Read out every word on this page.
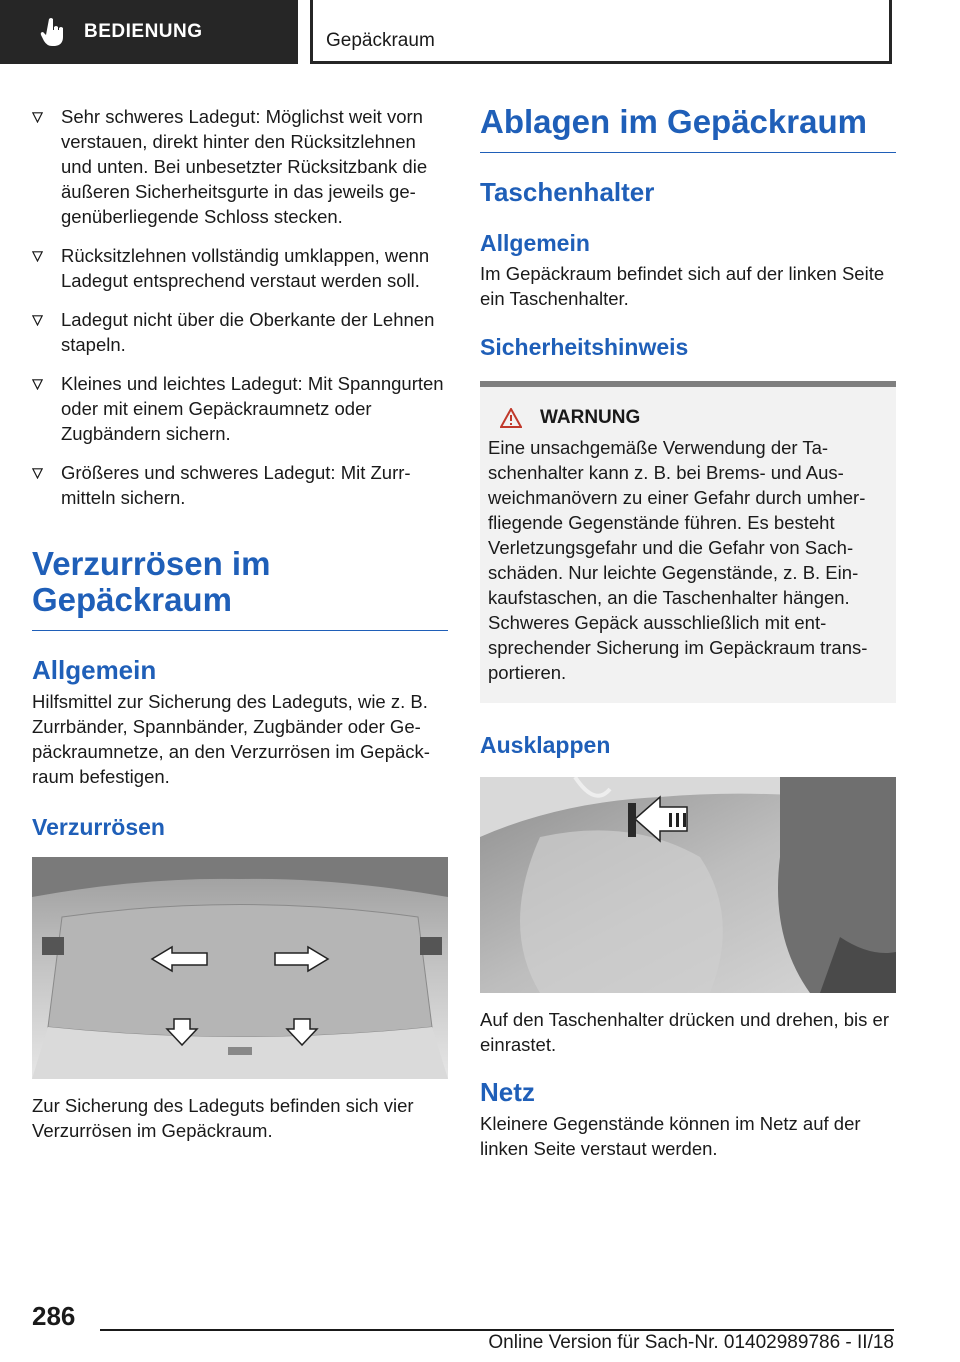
BEDIENUNG	Gepäckraum
Sehr schweres Ladegut: Möglichst weit vorn verstauen, direkt hinter den Rücksitzlehnen und unten. Bei unbesetzter Rücksitzbank die äußeren Sicherheitsgurte in das jeweils gegenüberliegende Schloss stecken.
Rücksitzlehnen vollständig umklappen, wenn Ladegut entsprechend verstaut werden soll.
Ladegut nicht über die Oberkante der Lehnen stapeln.
Kleines und leichtes Ladegut: Mit Spanngurten oder mit einem Gepäckraumnetz oder Zugbändern sichern.
Größeres und schweres Ladegut: Mit Zurrmitteln sichern.
Verzurrösen im Gepäckraum
Allgemein

Hilfsmittel zur Sicherung des Ladeguts, wie z. B. Zurrbänder, Spannbänder, Zugbänder oder Gepäckraumnetze, an den Verzurrösen im Gepäckraum befestigen.

Verzurrösen

Zur Sicherung des Ladeguts befinden sich vier Verzurrösen im Gepäckraum.

Ablagen im Gepäckraum
Taschenhalter
Allgemein

Im Gepäckraum befindet sich auf der linken Seite ein Taschenhalter.

Sicherheitshinweis
WARNUNG

Eine unsachgemäße Verwendung der Taschenhalter kann z. B. bei Brems- und Ausweichmanövern zu einer Gefahr durch umherfliegende Gegenstände führen. Es besteht Verletzungsgefahr und die Gefahr von Sachschäden. Nur leichte Gegenstände, z. B. Einkaufstaschen, an die Taschenhalter hängen. Schweres Gepäck ausschließlich mit entsprechender Sicherung im Gepäckraum transportieren.

Ausklappen

Auf den Taschenhalter drücken und drehen, bis er einrastet.

Netz

Kleinere Gegenstände können im Netz auf der linken Seite verstaut werden.

286
Online Version für Sach-Nr. 01402989786 - II/18
